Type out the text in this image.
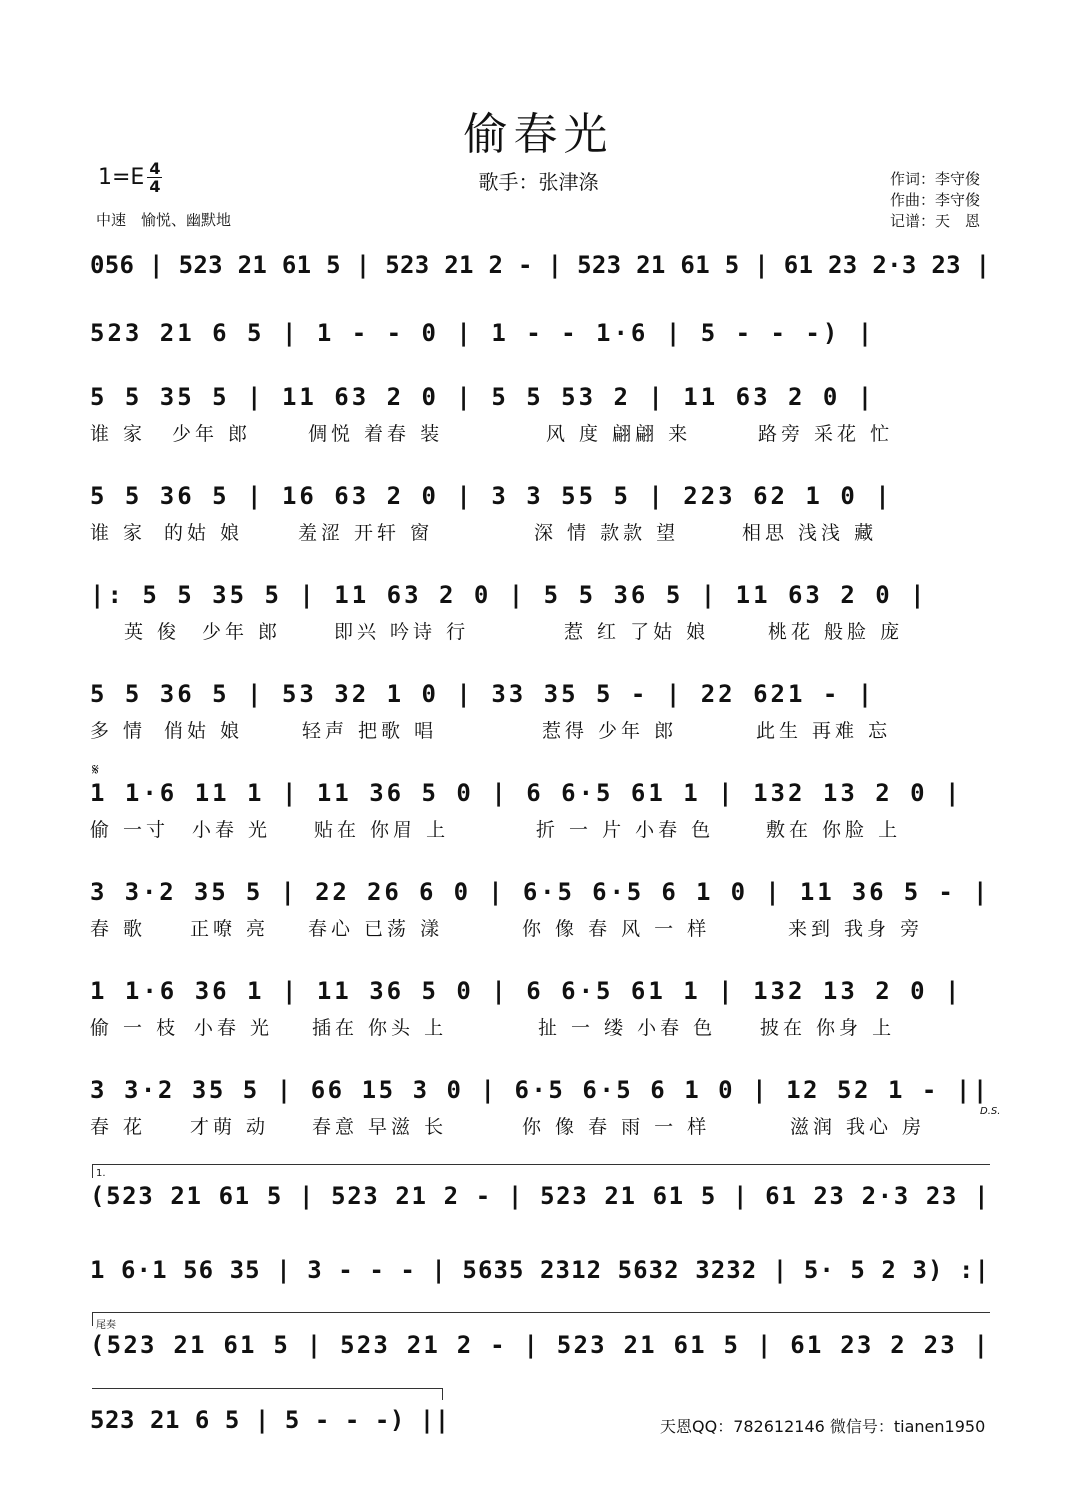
偷春光
$1=E \frac{4}{4}$	歌手：张津涤	作词：李守俊
作曲：李守俊
记谱：天　恩
中速　愉悦、幽默地
056 | 523 21 61 5 | 523 21 2 - | 523 21 61 5 | 61 23 2·3 23 |
523 21 6 5 | 1 - - 0 | 1 - - 1·6 | 5 - - -) |
5 5 35 5 | 11 63 2 0 | 5 5 53 2 | 11 63 2 0 |
谁 家 少年 郎	倜悦 着春 装	风 度 翩翩 来	路旁 采花 忙
5 5 36 5 | 16 63 2 0 | 3 3 55 5 | 223 62 1 0 |
谁 家 的姑 娘	羞涩 开轩 窗	深 情 款款 望	相思 浅浅 藏
|: 5 5 35 5 | 11 63 2 0 | 5 5 36 5 | 11 63 2 0 |
英 俊 少年 郎	即兴 吟诗 行	惹 红 了姑 娘	桃花 般脸 庞
5 5 36 5 | 53 32 1 0 | 33 35 5 - | 22 621 - |
多 情 俏姑 娘	轻声 把歌 唱	惹得 少年 郎	此生 再难 忘
𝄋
1 1·6 11 1 | 11 36 5 0 | 6 6·5 61 1 | 132 13 2 0 |
偷 一寸 小春 光 贴在 你眉 上	折 一 片 小春 色	敷在 你脸 上
3 3·2 35 5 | 22 26 6 0 | 6·5 6·5 6 1 0 | 11 36 5 - |
春 歌 正嘹 亮 春心 已荡 漾	你 像 春 风 一 样	来到 我身 旁
1 1·6 36 1 | 11 36 5 0 | 6 6·5 61 1 | 132 13 2 0 |
偷 一 枝 小春 光 插在 你头 上	扯 一 缕 小春 色 披在 你身 上
3 3·2 35 5 | 66 15 3 0 | 6·5 6·5 6 1 0 | 12 52 1 - ||
春 花 才萌 动 春意 早滋 长	你 像 春 雨 一 样	滋润 我心 房
D.S.
1.
(523 21 61 5 | 523 21 2 - | 523 21 61 5 | 61 23 2·3 23 |
1 6·1 56 35 | 3 - - - | 5635 2312 5632 3232 | 5· 5 2 3) :|
尾奏
(523 21 61 5 | 523 21 2 - | 523 21 61 5 | 61 23 2 23 |
523 21 6 5 | 5 - - -) ||	天恩QQ：782612146 微信号：tianen1950
